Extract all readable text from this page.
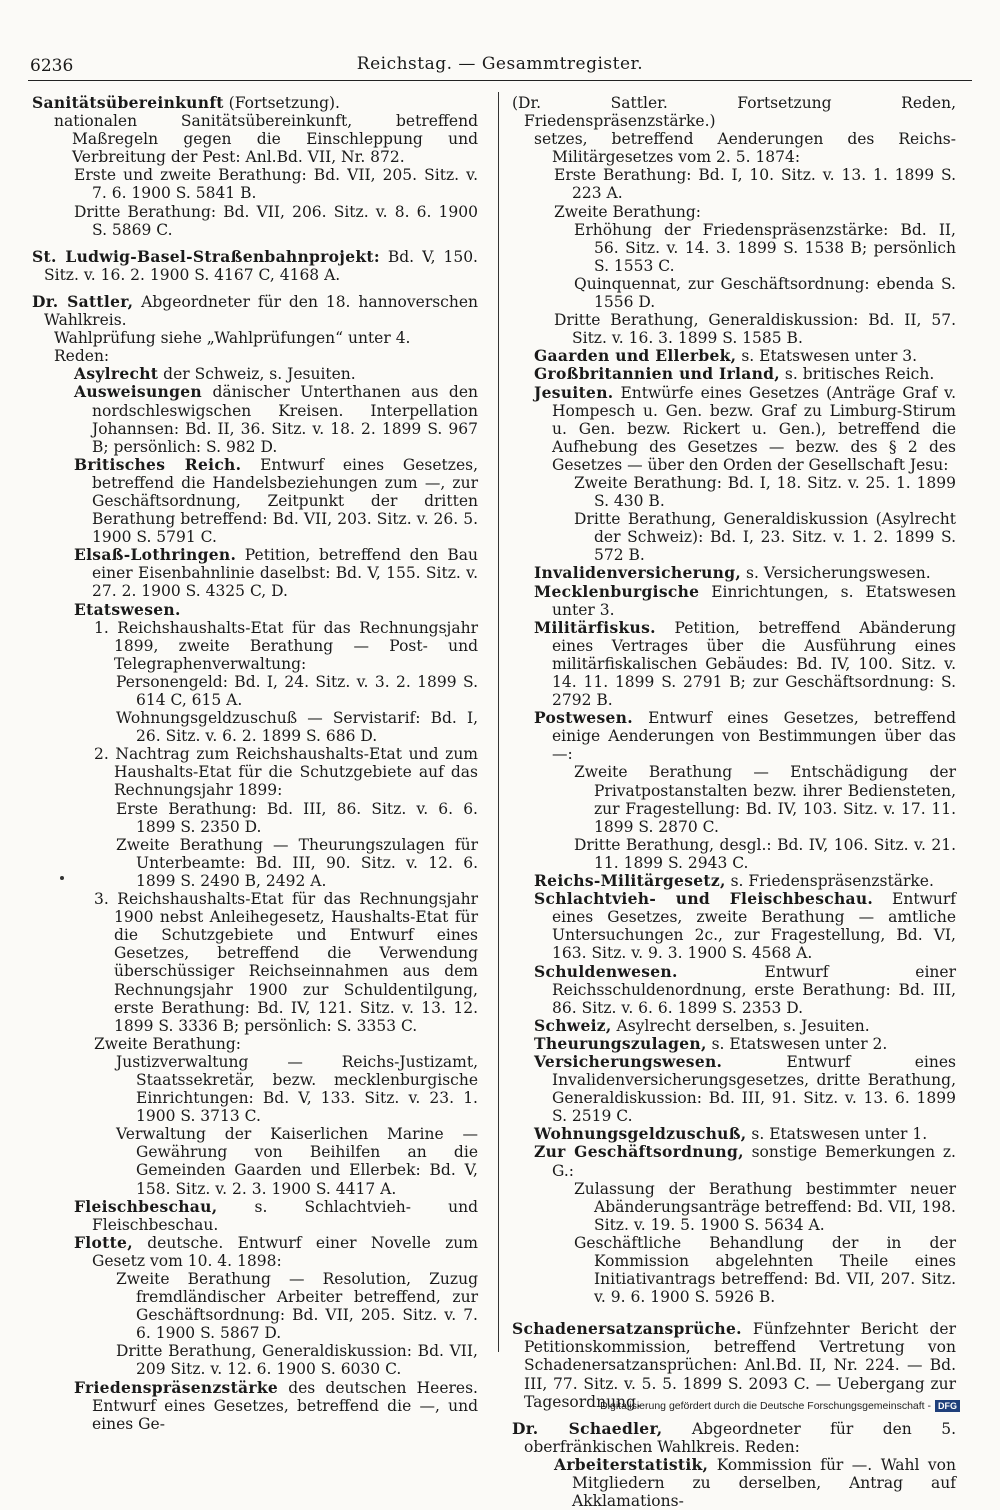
6236	Reichstag. — Gesammtregister.

Sanitätsübereinkunft (Fortsetzung).

nationalen Sanitätsübereinkunft, betreffend Maßregeln gegen die Einschleppung und Verbreitung der Pest: Anl.Bd. VII, Nr. 872.

Erste und zweite Berathung: Bd. VII, 205. Sitz. v. 7. 6. 1900 S. 5841 B.

Dritte Berathung: Bd. VII, 206. Sitz. v. 8. 6. 1900 S. 5869 C.

St. Ludwig-Basel-Straßenbahnprojekt: Bd. V, 150. Sitz. v. 16. 2. 1900 S. 4167 C, 4168 A.

Dr. Sattler, Abgeordneter für den 18. hannoverschen Wahlkreis.

Wahlprüfung siehe „Wahlprüfungen“ unter 4.

Reden:

Asylrecht der Schweiz, s. Jesuiten.

Ausweisungen dänischer Unterthanen aus den nordschleswigschen Kreisen. Interpellation Johannsen: Bd. II, 36. Sitz. v. 18. 2. 1899 S. 967 B; persönlich: S. 982 D.

Britisches Reich. Entwurf eines Gesetzes, betreffend die Handelsbeziehungen zum —, zur Geschäftsordnung, Zeitpunkt der dritten Berathung betreffend: Bd. VII, 203. Sitz. v. 26. 5. 1900 S. 5791 C.

Elsaß-Lothringen. Petition, betreffend den Bau einer Eisenbahnlinie daselbst: Bd. V, 155. Sitz. v. 27. 2. 1900 S. 4325 C, D.

Etatswesen.

1. Reichshaushalts-Etat für das Rechnungsjahr 1899, zweite Berathung — Post- und Telegraphenverwaltung:

Personengeld: Bd. I, 24. Sitz. v. 3. 2. 1899 S. 614 C, 615 A.

Wohnungsgeldzuschuß — Servistarif: Bd. I, 26. Sitz. v. 6. 2. 1899 S. 686 D.

2. Nachtrag zum Reichshaushalts-Etat und zum Haushalts-Etat für die Schutzgebiete auf das Rechnungsjahr 1899:

Erste Berathung: Bd. III, 86. Sitz. v. 6. 6. 1899 S. 2350 D.

Zweite Berathung — Theurungszulagen für Unterbeamte: Bd. III, 90. Sitz. v. 12. 6. 1899 S. 2490 B, 2492 A.

3. Reichshaushalts-Etat für das Rechnungsjahr 1900 nebst Anleihegesetz, Haushalts-Etat für die Schutzgebiete und Entwurf eines Gesetzes, betreffend die Verwendung überschüssiger Reichseinnahmen aus dem Rechnungsjahr 1900 zur Schuldentilgung, erste Berathung: Bd. IV, 121. Sitz. v. 13. 12. 1899 S. 3336 B; persönlich: S. 3353 C.

Zweite Berathung:

Justizverwaltung — Reichs-Justizamt, Staatssekretär, bezw. mecklenburgische Einrichtungen: Bd. V, 133. Sitz. v. 23. 1. 1900 S. 3713 C.

Verwaltung der Kaiserlichen Marine — Gewährung von Beihilfen an die Gemeinden Gaarden und Ellerbek: Bd. V, 158. Sitz. v. 2. 3. 1900 S. 4417 A.

Fleischbeschau, s. Schlachtvieh- und Fleischbeschau.

Flotte, deutsche. Entwurf einer Novelle zum Gesetz vom 10. 4. 1898:

Zweite Berathung — Resolution, Zuzug fremdländischer Arbeiter betreffend, zur Geschäftsordnung: Bd. VII, 205. Sitz. v. 7. 6. 1900 S. 5867 D.

Dritte Berathung, Generaldiskussion: Bd. VII, 209 Sitz. v. 12. 6. 1900 S. 6030 C.

Friedenspräsenzstärke des deutschen Heeres. Entwurf eines Gesetzes, betreffend die —, und eines Ge-

(Dr. Sattler. Fortsetzung Reden, Friedenspräsenzstärke.)

setzes, betreffend Aenderungen des Reichs-Militärgesetzes vom 2. 5. 1874:

Erste Berathung: Bd. I, 10. Sitz. v. 13. 1. 1899 S. 223 A.

Zweite Berathung:

Erhöhung der Friedenspräsenzstärke: Bd. II, 56. Sitz. v. 14. 3. 1899 S. 1538 B; persönlich S. 1553 C.

Quinquennat, zur Geschäftsordnung: ebenda S. 1556 D.

Dritte Berathung, Generaldiskussion: Bd. II, 57. Sitz. v. 16. 3. 1899 S. 1585 B.

Gaarden und Ellerbek, s. Etatswesen unter 3.

Großbritannien und Irland, s. britisches Reich.

Jesuiten. Entwürfe eines Gesetzes (Anträge Graf v. Hompesch u. Gen. bezw. Graf zu Limburg-Stirum u. Gen. bezw. Rickert u. Gen.), betreffend die Aufhebung des Gesetzes — bezw. des § 2 des Gesetzes — über den Orden der Gesellschaft Jesu:

Zweite Berathung: Bd. I, 18. Sitz. v. 25. 1. 1899 S. 430 B.

Dritte Berathung, Generaldiskussion (Asylrecht der Schweiz): Bd. I, 23. Sitz. v. 1. 2. 1899 S. 572 B.

Invalidenversicherung, s. Versicherungswesen.

Mecklenburgische Einrichtungen, s. Etatswesen unter 3.

Militärfiskus. Petition, betreffend Abänderung eines Vertrages über die Ausführung eines militärfiskalischen Gebäudes: Bd. IV, 100. Sitz. v. 14. 11. 1899 S. 2791 B; zur Geschäftsordnung: S. 2792 B.

Postwesen. Entwurf eines Gesetzes, betreffend einige Aenderungen von Bestimmungen über das —:

Zweite Berathung — Entschädigung der Privatpostanstalten bezw. ihrer Bediensteten, zur Fragestellung: Bd. IV, 103. Sitz. v. 17. 11. 1899 S. 2870 C.

Dritte Berathung, desgl.: Bd. IV, 106. Sitz. v. 21. 11. 1899 S. 2943 C.

Reichs-Militärgesetz, s. Friedenspräsenzstärke.

Schlachtvieh- und Fleischbeschau. Entwurf eines Gesetzes, zweite Berathung — amtliche Untersuchungen 2c., zur Fragestellung, Bd. VI, 163. Sitz. v. 9. 3. 1900 S. 4568 A.

Schuldenwesen. Entwurf einer Reichsschuldenordnung, erste Berathung: Bd. III, 86. Sitz. v. 6. 6. 1899 S. 2353 D.

Schweiz, Asylrecht derselben, s. Jesuiten.

Theurungszulagen, s. Etatswesen unter 2.

Versicherungswesen. Entwurf eines Invalidenversicherungsgesetzes, dritte Berathung, Generaldiskussion: Bd. III, 91. Sitz. v. 13. 6. 1899 S. 2519 C.

Wohnungsgeldzuschuß, s. Etatswesen unter 1.

Zur Geschäftsordnung, sonstige Bemerkungen z. G.:

Zulassung der Berathung bestimmter neuer Abänderungsanträge betreffend: Bd. VII, 198. Sitz. v. 19. 5. 1900 S. 5634 A.

Geschäftliche Behandlung der in der Kommission abgelehnten Theile eines Initiativantrags betreffend: Bd. VII, 207. Sitz. v. 9. 6. 1900 S. 5926 B.

Schadenersatzansprüche. Fünfzehnter Bericht der Petitionskommission, betreffend Vertretung von Schadenersatzansprüchen: Anl.Bd. II, Nr. 224. — Bd. III, 77. Sitz. v. 5. 5. 1899 S. 2093 C. — Uebergang zur Tagesordnung.

Dr. Schaedler, Abgeordneter für den 5. oberfränkischen Wahlkreis. Reden:

Arbeiterstatistik, Kommission für —. Wahl von Mitgliedern zu derselben, Antrag auf Akklamations-

Digitalisierung gefördert durch die Deutsche Forschungsgemeinschaft - DFG
